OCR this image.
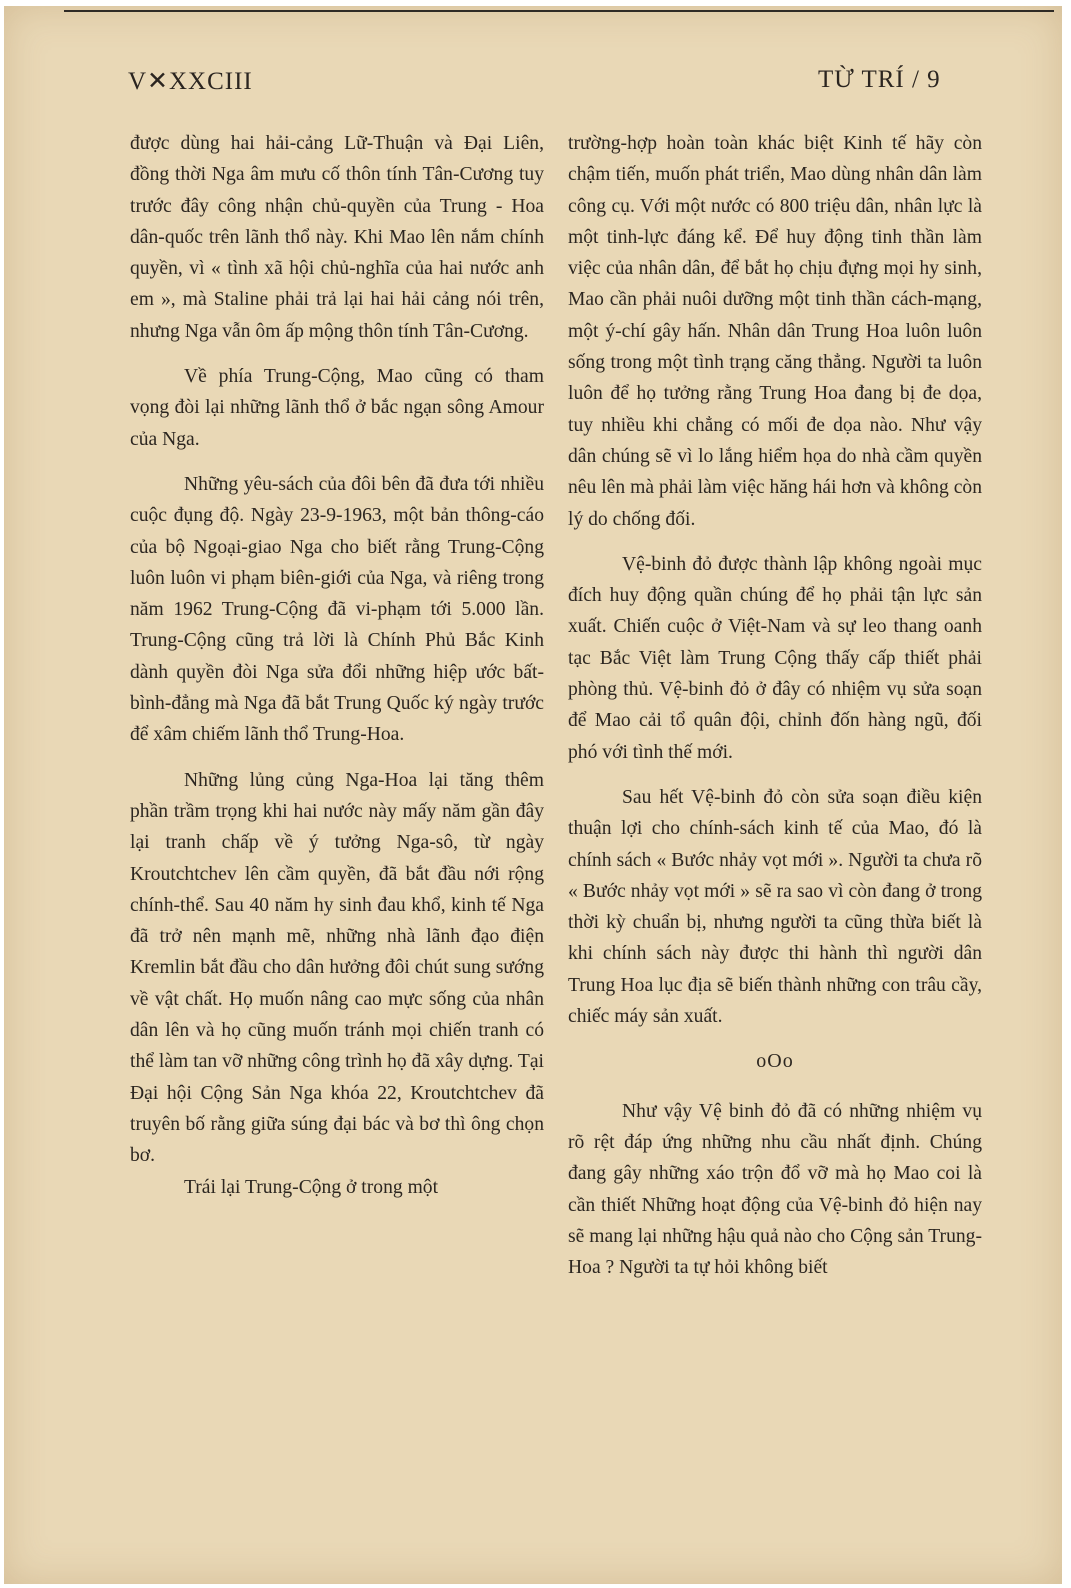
V✕XXCIII	TỪ TRÍ / 9

được dùng hai hải-cảng Lữ-Thuận và Đại Liên, đồng thời Nga âm mưu cố thôn tính Tân-Cương tuy trước đây công nhận chủ-quyền của Trung - Hoa dân-quốc trên lãnh thổ này. Khi Mao lên nắm chính quyền, vì « tình xã hội chủ-nghĩa của hai nước anh em », mà Staline phải trả lại hai hải cảng nói trên, nhưng Nga vẫn ôm ấp mộng thôn tính Tân-Cương.

Về phía Trung-Cộng, Mao cũng có tham vọng đòi lại những lãnh thổ ở bắc ngạn sông Amour của Nga.

Những yêu-sách của đôi bên đã đưa tới nhiều cuộc đụng độ. Ngày 23-9-1963, một bản thông-cáo của bộ Ngoại-giao Nga cho biết rằng Trung-Cộng luôn luôn vi phạm biên-giới của Nga, và riêng trong năm 1962 Trung-Cộng đã vi-phạm tới 5.000 lần. Trung-Cộng cũng trả lời là Chính Phủ Bắc Kinh dành quyền đòi Nga sửa đổi những hiệp ước bất-bình-đẳng mà Nga đã bắt Trung Quốc ký ngày trước để xâm chiếm lãnh thổ Trung-Hoa.

Những lủng củng Nga-Hoa lại tăng thêm phần trầm trọng khi hai nước này mấy năm gần đây lại tranh chấp về ý tưởng Nga-sô, từ ngày Kroutchtchev lên cầm quyền, đã bắt đầu nới rộng chính-thể. Sau 40 năm hy sinh đau khổ, kinh tế Nga đã trở nên mạnh mẽ, những nhà lãnh đạo điện Kremlin bắt đầu cho dân hưởng đôi chút sung sướng về vật chất. Họ muốn nâng cao mực sống của nhân dân lên và họ cũng muốn tránh mọi chiến tranh có thể làm tan vỡ những công trình họ đã xây dựng. Tại Đại hội Cộng Sản Nga khóa 22, Kroutchtchev đã truyên bố rằng giữa súng đại bác và bơ thì ông chọn bơ.

Trái lại Trung-Cộng ở trong một

trường-hợp hoàn toàn khác biệt Kinh tế hãy còn chậm tiến, muốn phát triển, Mao dùng nhân dân làm công cụ. Với một nước có 800 triệu dân, nhân lực là một tinh-lực đáng kể. Để huy động tinh thần làm việc của nhân dân, để bắt họ chịu đựng mọi hy sinh, Mao cần phải nuôi dưỡng một tinh thần cách-mạng, một ý-chí gây hấn. Nhân dân Trung Hoa luôn luôn sống trong một tình trạng căng thẳng. Người ta luôn luôn để họ tưởng rằng Trung Hoa đang bị đe dọa, tuy nhiều khi chẳng có mối đe dọa nào. Như vậy dân chúng sẽ vì lo lắng hiểm họa do nhà cầm quyền nêu lên mà phải làm việc hăng hái hơn và không còn lý do chống đối.

Vệ-binh đỏ được thành lập không ngoài mục đích huy động quần chúng để họ phải tận lực sản xuất. Chiến cuộc ở Việt-Nam và sự leo thang oanh tạc Bắc Việt làm Trung Cộng thấy cấp thiết phải phòng thủ. Vệ-binh đỏ ở đây có nhiệm vụ sửa soạn để Mao cải tổ quân đội, chỉnh đốn hàng ngũ, đối phó với tình thế mới.

Sau hết Vệ-binh đỏ còn sửa soạn điều kiện thuận lợi cho chính-sách kinh tế của Mao, đó là chính sách « Bước nhảy vọt mới ». Người ta chưa rõ « Bước nhảy vọt mới » sẽ ra sao vì còn đang ở trong thời kỳ chuẩn bị, nhưng người ta cũng thừa biết là khi chính sách này được thi hành thì người dân Trung Hoa lục địa sẽ biến thành những con trâu cầy, chiếc máy sản xuất.

oOo

Như vậy Vệ binh đỏ đã có những nhiệm vụ rõ rệt đáp ứng những nhu cầu nhất định. Chúng đang gây những xáo trộn đổ vỡ mà họ Mao coi là cần thiết Những hoạt động của Vệ-binh đỏ hiện nay sẽ mang lại những hậu quả nào cho Cộng sản Trung-Hoa ? Người ta tự hỏi không biết
